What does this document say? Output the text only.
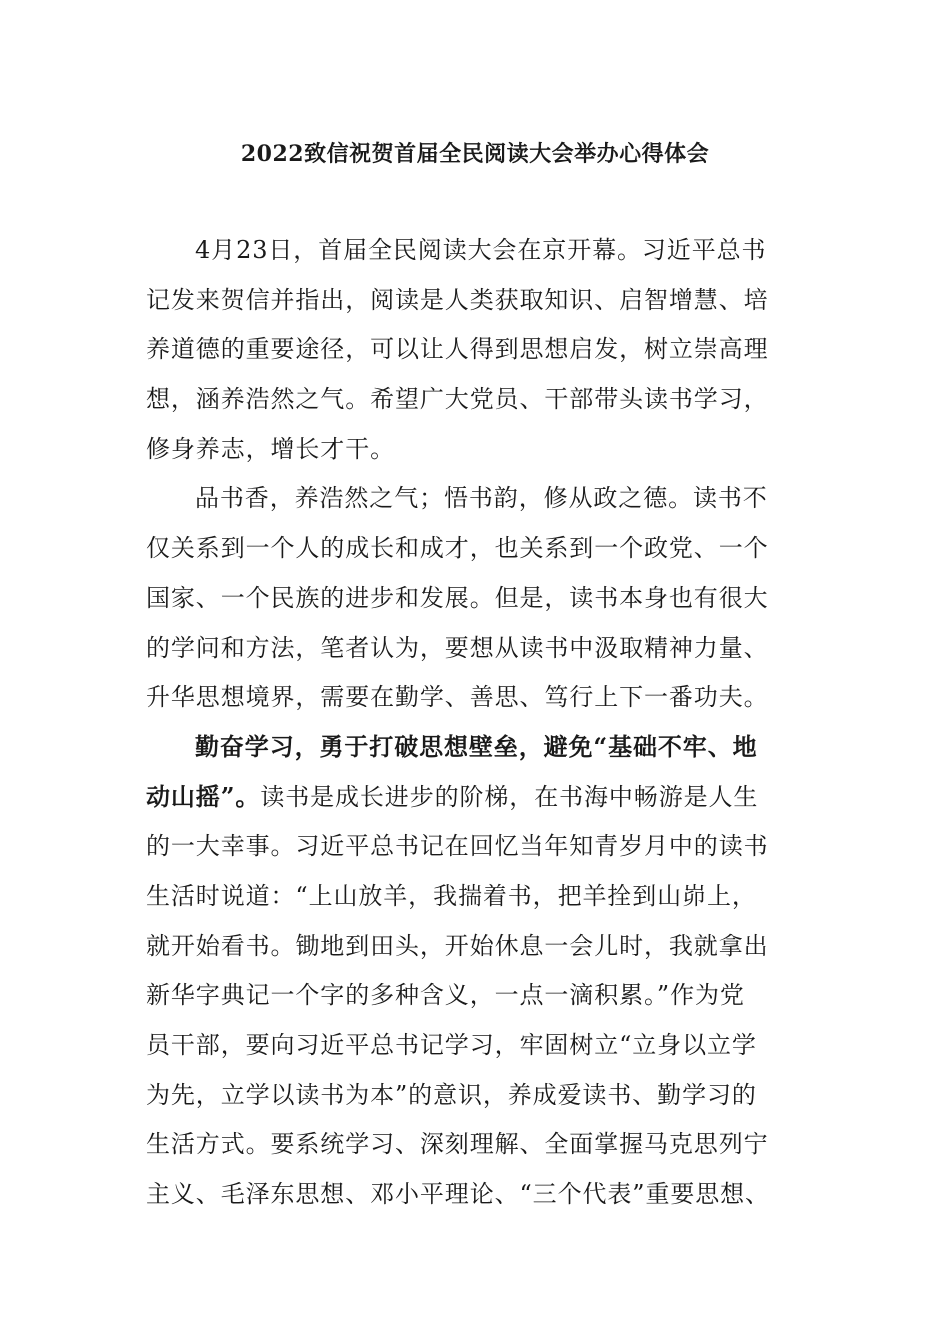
2022致信祝贺首届全民阅读大会举办心得体会
4月23日，首届全民阅读大会在京开幕。习近平总书
记发来贺信并指出，阅读是人类获取知识、启智增慧、培
养道德的重要途径，可以让人得到思想启发，树立崇高理
想，涵养浩然之气。希望广大党员、干部带头读书学习，
修身养志，增长才干。
品书香，养浩然之气；悟书韵，修从政之德。读书不
仅关系到一个人的成长和成才，也关系到一个政党、一个
国家、一个民族的进步和发展。但是，读书本身也有很大
的学问和方法，笔者认为，要想从读书中汲取精神力量、
升华思想境界，需要在勤学、善思、笃行上下一番功夫。
勤奋学习，勇于打破思想壁垒，避免“基础不牢、地
动山摇”。读书是成长进步的阶梯，在书海中畅游是人生
的一大幸事。习近平总书记在回忆当年知青岁月中的读书
生活时说道：“上山放羊，我揣着书，把羊拴到山峁上，
就开始看书。锄地到田头，开始休息一会儿时，我就拿出
新华字典记一个字的多种含义，一点一滴积累。”作为党
员干部，要向习近平总书记学习，牢固树立“立身以立学
为先，立学以读书为本”的意识，养成爱读书、勤学习的
生活方式。要系统学习、深刻理解、全面掌握马克思列宁
主义、毛泽东思想、邓小平理论、“三个代表”重要思想、
